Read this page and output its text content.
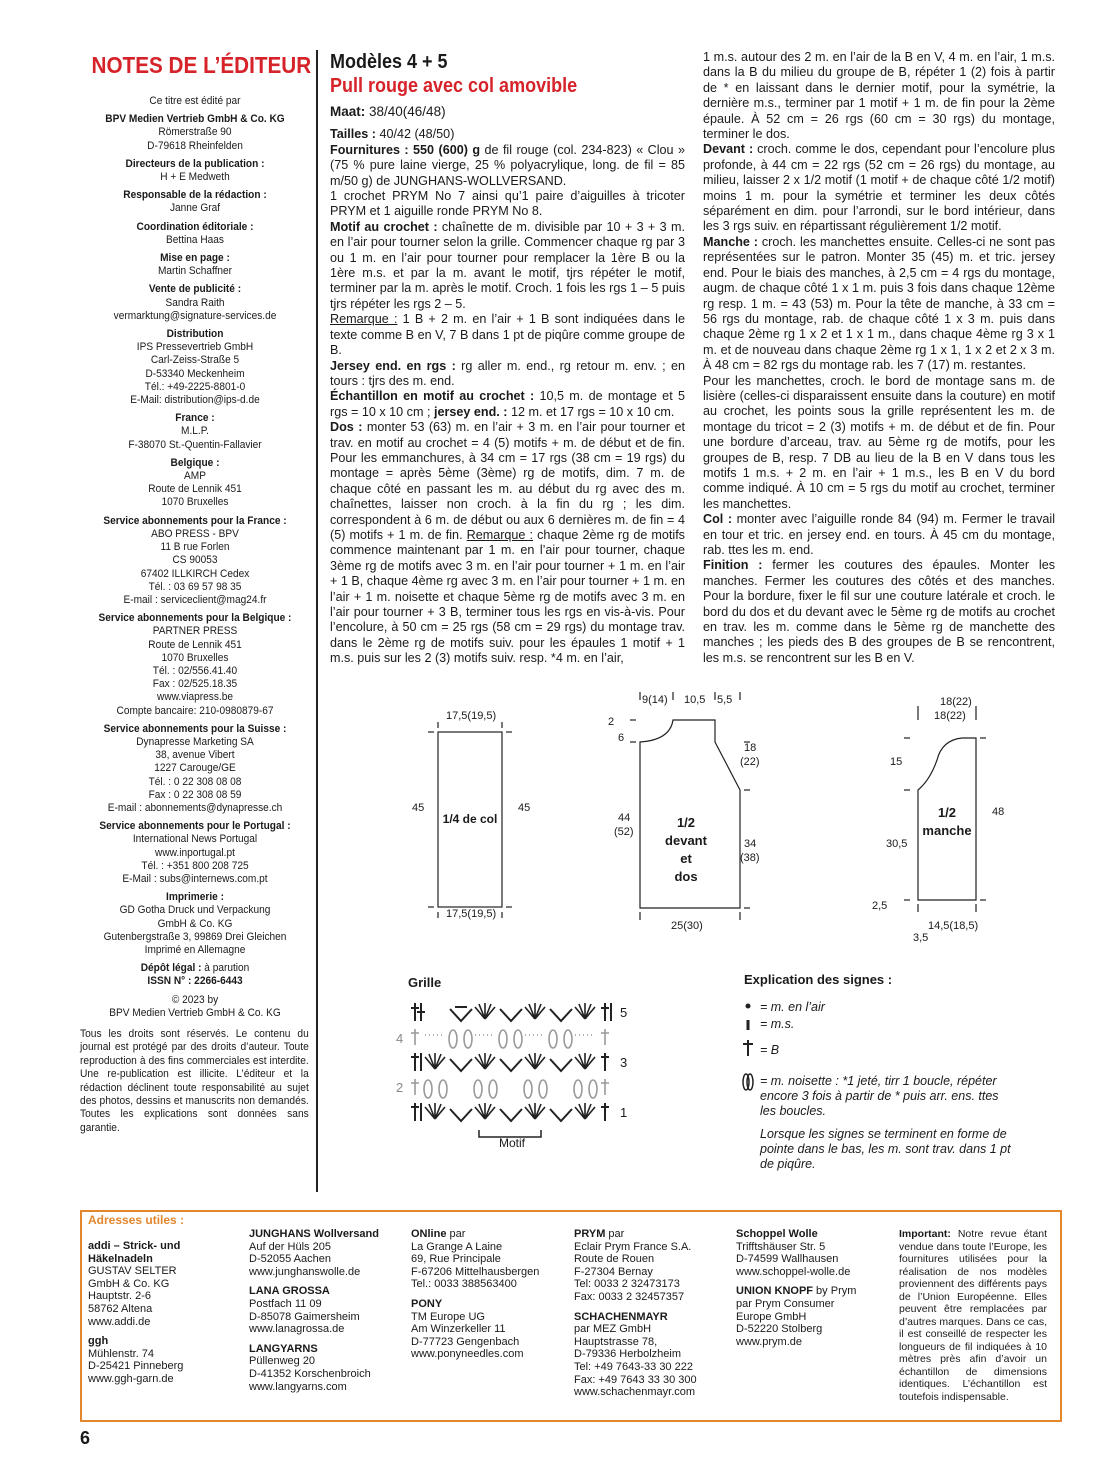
NOTES DE L’ÉDITEUR
Ce titre est édité par
BPV Medien Vertrieb GmbH & Co. KG
Römerstraße 90
D-79618 Rheinfelden
Directeurs de la publication :
H + E Medweth
Responsable de la rédaction :
Janne Graf
Coordination éditoriale :
Bettina Haas
Mise en page :
Martin Schaffner
Vente de publicité :
Sandra Raith
vermarktung@signature-services.de
Distribution
IPS Pressevertrieb GmbH
Carl-Zeiss-Straße 5
D-53340 Meckenheim
Tél.: +49-2225-8801-0
E-Mail: distribution@ips-d.de
France :
M.L.P.
F-38070 St.-Quentin-Fallavier
Belgique :
AMP
Route de Lennik 451
1070 Bruxelles
Service abonnements pour la France :
ABO PRESS - BPV
11 B rue Forlen
CS 90053
67402 ILLKIRCH Cedex
Tél. : 03 69 57 98 35
E-mail : serviceclient@mag24.fr
Service abonnements pour la Belgique :
PARTNER PRESS
Route de Lennik 451
1070 Bruxelles
Tél. : 02/556.41.40
Fax : 02/525.18.35
www.viapress.be
Compte bancaire: 210-0980879-67
Service abonnements pour la Suisse :
Dynapresse Marketing SA
38, avenue Vibert
1227 Carouge/GE
Tél. : 0 22 308 08 08
Fax : 0 22 308 08 59
E-mail : abonnements@dynapresse.ch
Service abonnements pour le Portugal :
International News Portugal
www.inportugal.pt
Tél. : +351 800 208 725
E-Mail : subs@internews.com.pt
Imprimerie :
GD Gotha Druck und Verpackung
GmbH & Co. KG
Gutenbergstraße 3, 99869 Drei Gleichen
Imprimé en Allemagne
Dépôt légal : à parution
ISSN N° : 2266-6443
© 2023 by
BPV Medien Vertrieb GmbH & Co. KG
Tous les droits sont réservés. Le contenu du journal est protégé par des droits d’auteur. Toute reproduction à des fins commerciales est interdite. Une re-publication est illicite. L’éditeur et la rédaction déclinent toute responsabilité au sujet des photos, dessins et manuscrits non demandés. Toutes les explications sont données sans garantie.
Modèles 4 + 5
Pull rouge avec col amovible

Maat: 38/40(46/48)

Tailles : 40/42 (48/50)

Fournitures : 550 (600) g de fil rouge (col. 234-823) « Clou » (75 % pure laine vierge, 25 % polyacrylique, long. de fil = 85 m/50 g) de JUNGHANS-WOLLVERSAND.

1 crochet PRYM No 7 ainsi qu’1 paire d’aiguilles à tricoter PRYM et 1 aiguille ronde PRYM No 8.

Motif au crochet : chaînette de m. divisible par 10 + 3 + 3 m. en l’air pour tourner selon la grille. Commencer chaque rg par 3 ou 1 m. en l’air pour tourner pour remplacer la 1ère B ou la 1ère m.s. et par la m. avant le motif, tjrs répéter le motif, terminer par la m. après le motif. Croch. 1 fois les rgs 1 – 5 puis tjrs répéter les rgs 2 – 5.

Remarque : 1 B + 2 m. en l’air + 1 B sont indiquées dans le texte comme B en V, 7 B dans 1 pt de piqûre comme groupe de B.

Jersey end. en rgs : rg aller m. end., rg retour m. env. ; en tours : tjrs des m. end.

Échantillon en motif au crochet : 10,5 m. de montage et 5 rgs = 10 x 10 cm ; jersey end. : 12 m. et 17 rgs = 10 x 10 cm.

Dos : monter 53 (63) m. en l’air + 3 m. en l’air pour tourner et trav. en motif au crochet = 4 (5) motifs + m. de début et de fin. Pour les emmanchures, à 34 cm = 17 rgs (38 cm = 19 rgs) du montage = après 5ème (3ème) rg de motifs, dim. 7 m. de chaque côté en passant les m. au début du rg avec des m. chaînettes, laisser non croch. à la fin du rg ; les dim. correspondent à 6 m. de début ou aux 6 dernières m. de fin = 4 (5) motifs + 1 m. de fin. Remarque : chaque 2ème rg de motifs commence maintenant par 1 m. en l’air pour tourner, chaque 3ème rg de motifs avec 3 m. en l’air pour tourner + 1 m. en l’air + 1 B, chaque 4ème rg avec 3 m. en l’air pour tourner + 1 m. en l’air + 1 m. noisette et chaque 5ème rg de motifs avec 3 m. en l’air pour tourner + 3 B, terminer tous les rgs en vis-à-vis. Pour l’encolure, à 50 cm = 25 rgs (58 cm = 29 rgs) du montage trav. dans le 2ème rg de motifs suiv. pour les épaules 1 motif + 1 m.s. puis sur les 2 (3) motifs suiv. resp. *4 m. en l’air,

1 m.s. autour des 2 m. en l’air de la B en V, 4 m. en l’air, 1 m.s. dans la B du milieu du groupe de B, répéter 1 (2) fois à partir de * en laissant dans le dernier motif, pour la symétrie, la dernière m.s., terminer par 1 motif + 1 m. de fin pour la 2ème épaule. À 52 cm = 26 rgs (60 cm = 30 rgs) du montage, terminer le dos.

Devant : croch. comme le dos, cependant pour l’encolure plus profonde, à 44 cm = 22 rgs (52 cm = 26 rgs) du montage, au milieu, laisser 2 x 1/2 motif (1 motif + de chaque côté 1/2 motif) moins 1 m. pour la symétrie et terminer les deux côtés séparément en dim. pour l’arrondi, sur le bord intérieur, dans les 3 rgs suiv. en répartissant régulièrement 1/2 motif.

Manche : croch. les manchettes ensuite. Celles-ci ne sont pas représentées sur le patron. Monter 35 (45) m. et tric. jersey end. Pour le biais des manches, à 2,5 cm = 4 rgs du montage, augm. de chaque côté 1 x 1 m. puis 3 fois dans chaque 12ème rg resp. 1 m. = 43 (53) m. Pour la tête de manche, à 33 cm = 56 rgs du montage, rab. de chaque côté 1 x 3 m. puis dans chaque 2ème rg 1 x 2 et 1 x 1 m., dans chaque 4ème rg 3 x 1 m. et de nouveau dans chaque 2ème rg 1 x 1, 1 x 2 et 2 x 3 m. À 48 cm = 82 rgs du montage rab. les 7 (17) m. restantes.

Pour les manchettes, croch. le bord de montage sans m. de lisière (celles-ci disparaissent ensuite dans la couture) en motif au crochet, les points sous la grille représentent les m. de montage du tricot = 2 (3) motifs + m. de début et de fin. Pour une bordure d’arceau, trav. au 5ème rg de motifs, pour les groupes de B, resp. 7 DB au lieu de la B en V dans tous les motifs 1 m.s. + 2 m. en l’air + 1 m.s., les B en V du bord comme indiqué. À 10 cm = 5 rgs du motif au crochet, terminer les manchettes.

Col : monter avec l’aiguille ronde 84 (94) m. Fermer le travail en tour et tric. en jersey end. en tours. À 45 cm du montage, rab. ttes les m. end.

Finition : fermer les coutures des épaules. Monter les manches. Fermer les coutures des côtés et des manches. Pour la bordure, fixer le fil sur une couture latérale et croch. le bord du dos et du devant avec le 5ème rg de motifs au crochet en trav. les m. comme dans le 5ème rg de manchette des manches ; les pieds des B des groupes de B se rencontrent, les m.s. se rencontrent sur les B en V.

17,5(19,5)
17,5(19,5)
45	45
1/4 de col
9(14) 10,5 5,5
2
6
18
(22)
34
(38)
44
(52)
25(30)
1/2
devant
et
dos
18(22)
18(22)
15
30,5
2,5
3,5
14,5(18,5)
48
1/2
manche
Grille
5
4
3
2
1
Motif
Explication des signes :
= m. en l’air
= m.s.
= B
= m. noisette : *1 jeté, tirr 1 boucle, répéter encore 3 fois à partir de * puis arr. ens. ttes les boucles.
Lorsque les signes se terminent en forme de pointe dans le bas, les m. sont trav. dans 1 pt de piqûre.
Adresses utiles :
addi – Strick- und Häkelnadeln
GUSTAV SELTER
GmbH & Co. KG
Hauptstr. 2-6
58762 Altena
www.addi.de
ggh
Mühlenstr. 74
D-25421 Pinneberg
www.ggh-garn.de
JUNGHANS Wollversand
Auf der Hüls 205
D-52055 Aachen
www.junghanswolle.de
LANA GROSSA
Postfach 11 09
D-85078 Gaimersheim
www.lanagrossa.de
LANGYARNS
Püllenweg 20
D-41352 Korschenbroich
www.langyarns.com
ONline par
La Grange A Laine
69, Rue Principale
F-67206 Mittelhausbergen
Tel.: 0033 388563400
PONY
TM Europe UG
Am Winzerkeller 11
D-77723 Gengenbach
www.ponyneedles.com
PRYM par
Eclair Prym France S.A.
Route de Rouen
F-27304 Bernay
Tel: 0033 2 32473173
Fax: 0033 2 32457357
SCHACHENMAYR
par MEZ GmbH
Hauptstrasse 78,
D-79336 Herbolzheim
Tel: +49 7643-33 30 222
Fax: +49 7643 33 30 300
www.schachenmayr.com
Schoppel Wolle
Trifftshäuser Str. 5
D-74599 Wallhausen
www.schoppel-wolle.de
UNION KNOPF by Prym
par Prym Consumer
Europe GmbH
D-52220 Stolberg
www.prym.de
Important: Notre revue étant vendue dans toute l’Europe, les fournitures utilisées pour la réalisation de nos modèles proviennent des différents pays de l’Union Européenne. Elles peuvent être remplacées par d’autres marques. Dans ce cas, il est conseillé de respecter les longueurs de fil indiquées à 10 mètres près afin d’avoir un échantillon de dimensions identiques. L’échantillon est toutefois indispensable.
6
